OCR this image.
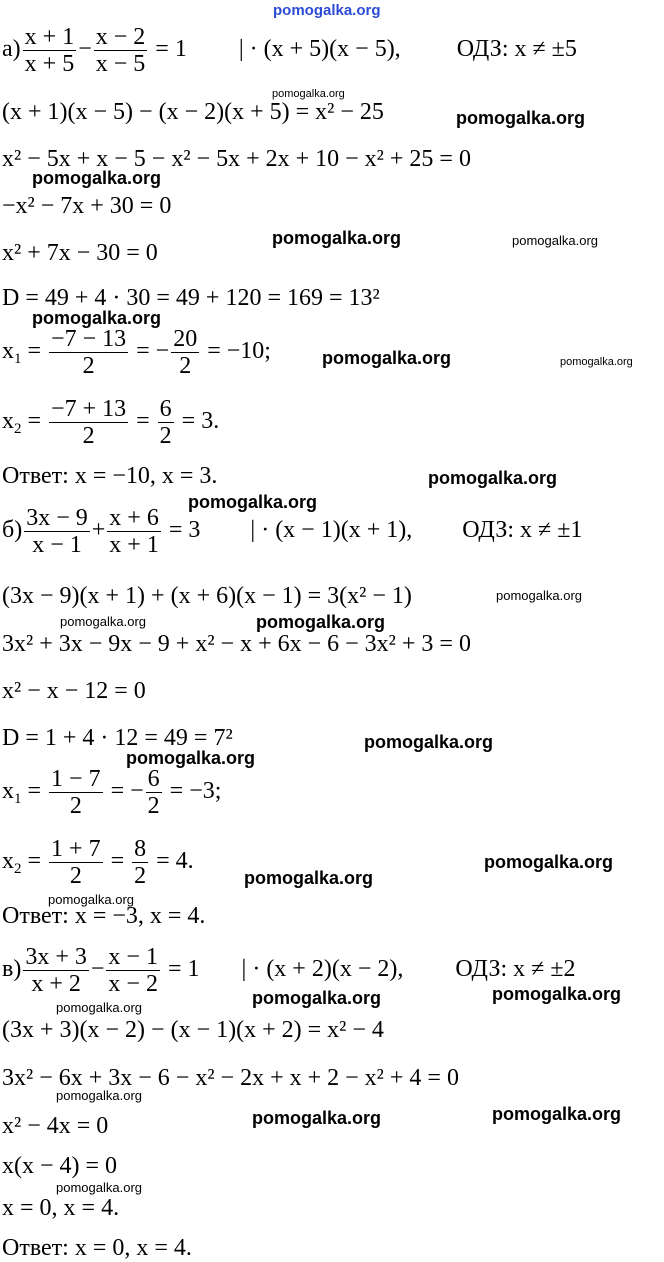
pomogalka.org
$а) \frac{x + 1}{x + 5} - \frac{x - 2}{x - 5} = 1$ | · (x + 5)(x − 5), ОДЗ: x ≠ ±5
(x + 1)(x − 5) − (x − 2)(x + 5) = x² − 25
x² − 5x + x − 5 − x² − 5x + 2x + 10 − x² + 25 = 0
−x² − 7x + 30 = 0
x² + 7x − 30 = 0
D = 49 + 4 · 30 = 49 + 120 = 169 = 13²
$x_1 = \frac{-7 - 13}{2}$ = − $\frac{20}{2} = -10$;
$x_2 = \frac{-7 + 13}{2} = \frac{6}{2} = 3$.
Ответ: x = −10, x = 3.
$б) \frac{3x - 9}{x - 1} + \frac{x + 6}{x + 1} = 3$ | · (x − 1)(x + 1), ОДЗ: x ≠ ±1
(3x − 9)(x + 1) + (x + 6)(x − 1) = 3(x² − 1)
3x² + 3x − 9x − 9 + x² − x + 6x − 6 − 3x² + 3 = 0
x² − x − 12 = 0
D = 1 + 4 · 12 = 49 = 7²
$x_1 = \frac{1 - 7}{2}$ = − $\frac{6}{2} = -3$;
$x_2 = \frac{1 + 7}{2} = \frac{8}{2} = 4$.
Ответ: x = −3, x = 4.
$в) \frac{3x + 3}{x + 2} - \frac{x - 1}{x - 2} = 1$ | · (x + 2)(x − 2), ОДЗ: x ≠ ±2
(3x + 3)(x − 2) − (x − 1)(x + 2) = x² − 4
3x² − 6x + 3x − 6 − x² − 2x + x + 2 − x² + 4 = 0
x² − 4x = 0
x(x − 4) = 0
x = 0, x = 4.
Ответ: x = 0, x = 4.
pomogalka.org
pomogalka.org
pomogalka.org
pomogalka.org	pomogalka.org
pomogalka.org
pomogalka.org	pomogalka.org
pomogalka.org
pomogalka.org
pomogalka.org
pomogalka.org	pomogalka.org
pomogalka.org
pomogalka.org
pomogalka.org
pomogalka.org
pomogalka.org
pomogalka.org	pomogalka.org
pomogalka.org
pomogalka.org
pomogalka.org	pomogalka.org
pomogalka.org
